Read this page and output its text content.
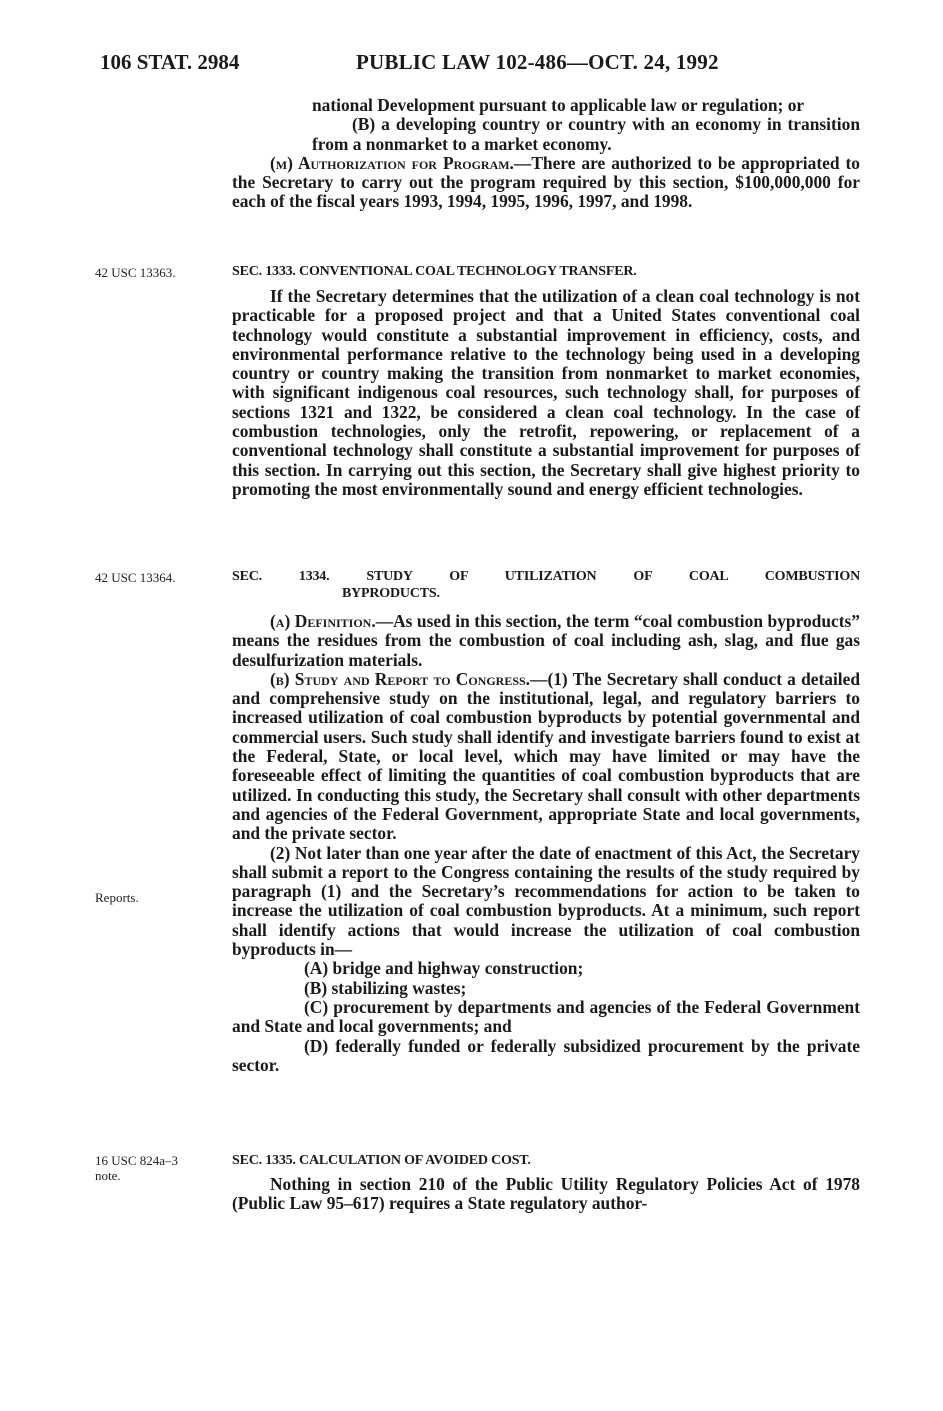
106 STAT. 2984	PUBLIC LAW 102-486—OCT. 24, 1992

national Development pursuant to applicable law or regulation; or

(B) a developing country or country with an economy in transition from a nonmarket to a market economy.

(m) Authorization for Program.—There are authorized to be appropriated to the Secretary to carry out the program required by this section, $100,000,000 for each of the fiscal years 1993, 1994, 1995, 1996, 1997, and 1998.

42 USC 13363.	SEC. 1333. CONVENTIONAL COAL TECHNOLOGY TRANSFER.

If the Secretary determines that the utilization of a clean coal technology is not practicable for a proposed project and that a United States conventional coal technology would constitute a substantial improvement in efficiency, costs, and environmental performance relative to the technology being used in a developing country or country making the transition from nonmarket to market economies, with significant indigenous coal resources, such technology shall, for purposes of sections 1321 and 1322, be considered a clean coal technology. In the case of combustion technologies, only the retrofit, repowering, or replacement of a conventional technology shall constitute a substantial improvement for purposes of this section. In carrying out this section, the Secretary shall give highest priority to promoting the most environmentally sound and energy efficient technologies.

42 USC 13364.	SEC. 1334. STUDY OF UTILIZATION OF COAL COMBUSTION
BYPRODUCTS.

(a) Definition.—As used in this section, the term “coal combustion byproducts” means the residues from the combustion of coal including ash, slag, and flue gas desulfurization materials.

(b) Study and Report to Congress.—(1) The Secretary shall conduct a detailed and comprehensive study on the institutional, legal, and regulatory barriers to increased utilization of coal combustion byproducts by potential governmental and commercial users. Such study shall identify and investigate barriers found to exist at the Federal, State, or local level, which may have limited or may have the foreseeable effect of limiting the quantities of coal combustion byproducts that are utilized. In conducting this study, the Secretary shall consult with other departments and agencies of the Federal Government, appropriate State and local governments, and the private sector.

(2) Not later than one year after the date of enactment of this Act, the Secretary shall submit a report to the Congress containing the results of the study required by paragraph (1) and the Secretary’s recommendations for action to be taken to increase the utilization of coal combustion byproducts. At a minimum, such report shall identify actions that would increase the utilization of coal combustion byproducts in—

(A) bridge and highway construction;

(B) stabilizing wastes;

(C) procurement by departments and agencies of the Federal Government and State and local governments; and

(D) federally funded or federally subsidized procurement by the private sector.

Reports.
16 USC 824a–3
note.
SEC. 1335. CALCULATION OF AVOIDED COST.

Nothing in section 210 of the Public Utility Regulatory Policies Act of 1978 (Public Law 95–617) requires a State regulatory author-
